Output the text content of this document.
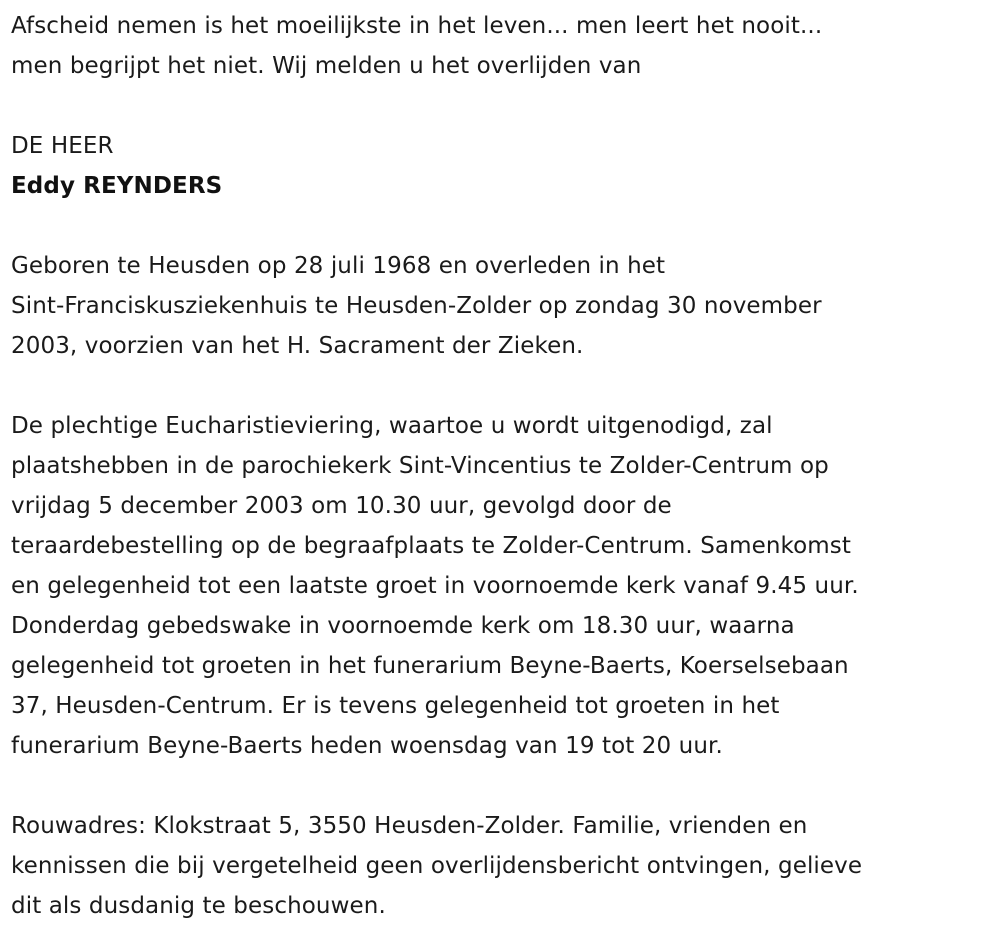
Afscheid nemen is het moeilijkste in het leven... men leert het nooit...

men begrijpt het niet. Wij melden u het overlijden van

DE HEER

Eddy REYNDERS

Geboren te Heusden op 28 juli 1968 en overleden in het

Sint-Franciskusziekenhuis te Heusden-Zolder op zondag 30 november

2003, voorzien van het H. Sacrament der Zieken.

De plechtige Eucharistieviering, waartoe u wordt uitgenodigd, zal

plaatshebben in de parochiekerk Sint-Vincentius te Zolder-Centrum op

vrijdag 5 december 2003 om 10.30 uur, gevolgd door de

teraardebestelling op de begraafplaats te Zolder-Centrum. Samenkomst

en gelegenheid tot een laatste groet in voornoemde kerk vanaf 9.45 uur.

Donderdag gebedswake in voornoemde kerk om 18.30 uur, waarna

gelegenheid tot groeten in het funerarium Beyne-Baerts, Koerselsebaan

37, Heusden-Centrum. Er is tevens gelegenheid tot groeten in het

funerarium Beyne-Baerts heden woensdag van 19 tot 20 uur.

Rouwadres: Klokstraat 5, 3550 Heusden-Zolder. Familie, vrienden en

kennissen die bij vergetelheid geen overlijdensbericht ontvingen, gelieve

dit als dusdanig te beschouwen.
